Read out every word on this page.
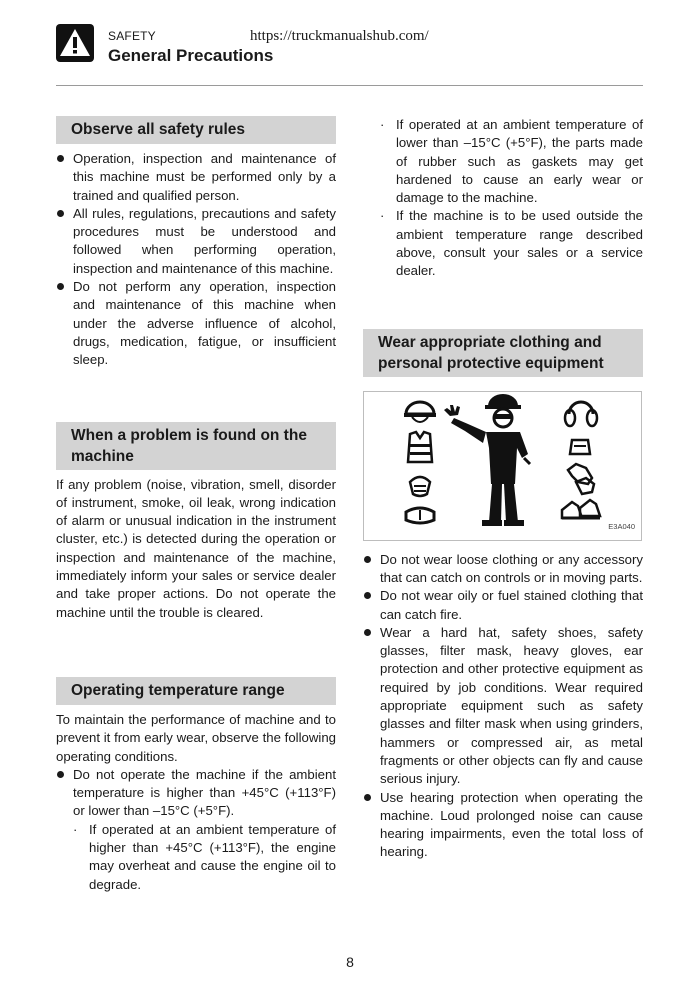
SAFETY
General Precautions
https://truckmanualshub.com/
Observe all safety rules
Operation, inspection and maintenance of this machine must be performed only by a trained and qualified person.
All rules, regulations, precautions and safety procedures must be understood and followed when performing operation, inspection and maintenance of this machine.
Do not perform any operation, inspection and maintenance of this machine when under the adverse influence of alcohol, drugs, medication, fatigue, or insufficient sleep.
When a problem is found on the machine
If any problem (noise, vibration, smell, disorder of instrument, smoke, oil leak, wrong indication of alarm or unusual indication in the instrument cluster, etc.) is detected during the operation or inspection and maintenance of the machine, immediately inform your sales or service dealer and take proper actions. Do not operate the machine until the trouble is cleared.
Operating temperature range
To maintain the performance of machine and to prevent it from early wear, observe the following operating conditions.
Do not operate the machine if the ambient temperature is higher than +45°C (+113°F) or lower than –15°C (+5°F).
· If operated at an ambient temperature of higher than +45°C (+113°F), the engine may overheat and cause the engine oil to degrade.
· If operated at an ambient temperature of lower than –15°C (+5°F), the parts made of rubber such as gaskets may get hardened to cause an early wear or damage to the machine.
· If the machine is to be used outside the ambient temperature range described above, consult your sales or a service dealer.
Wear appropriate clothing and personal protective equipment
E3A040
Do not wear loose clothing or any accessory that can catch on controls or in moving parts.
Do not wear oily or fuel stained clothing that can catch fire.
Wear a hard hat, safety shoes, safety glasses, filter mask, heavy gloves, ear protection and other protective equipment as required by job conditions. Wear required appropriate equipment such as safety glasses and filter mask when using grinders, hammers or compressed air, as metal fragments or other objects can fly and cause serious injury.
Use hearing protection when operating the machine. Loud prolonged noise can cause hearing impairments, even the total loss of hearing.
8
